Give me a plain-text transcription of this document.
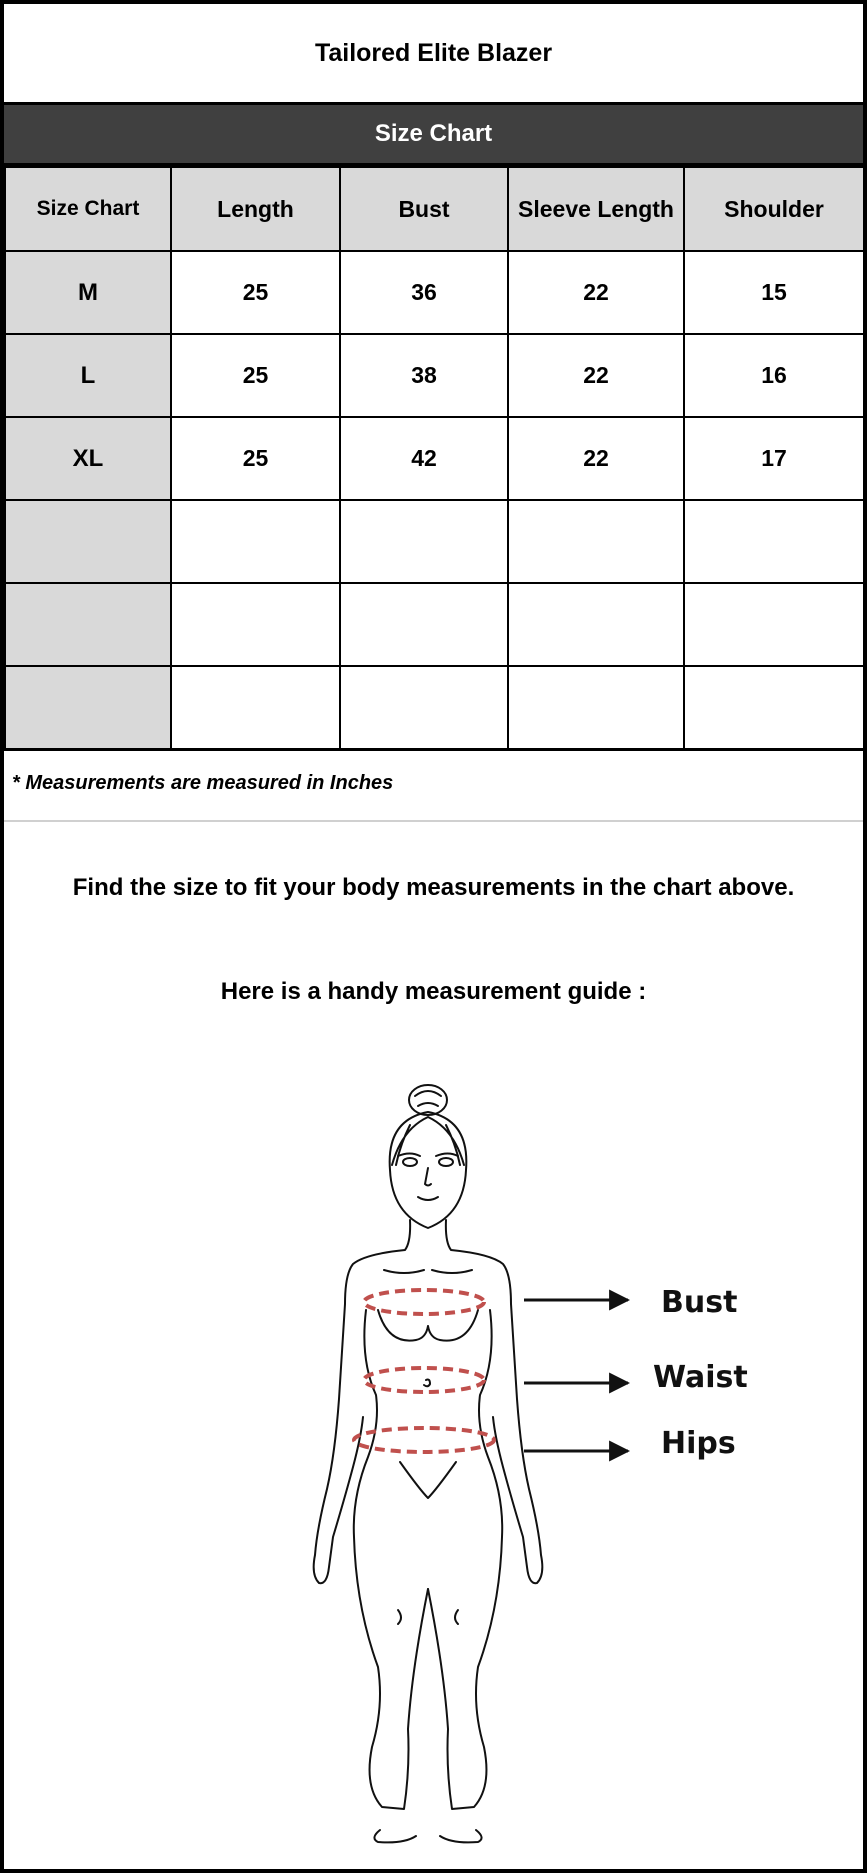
Tailored Elite Blazer
Size Chart
Size Chart	Length	Bust	Sleeve Length	Shoulder
M	25	36	22	15
L	25	38	22	16
XL	25	42	22	17

* Measurements are measured in Inches
Find the size to fit your body measurements in the chart above.
Here is a handy measurement guide :
Bust
Waist
Hips
